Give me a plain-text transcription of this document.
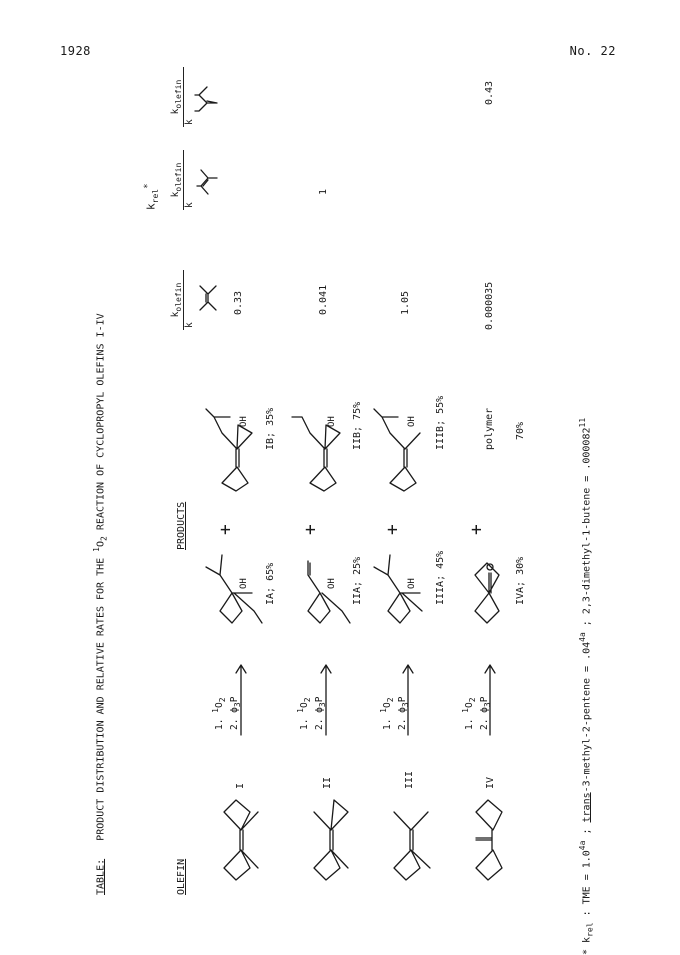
1928	No. 22
TABLE:   PRODUCT DISTRIBUTION AND RELATIVE RATES FOR THE $^1O_2$ REACTION OF CYCLOPROPYL OLEFINS I-IV
OLEFIN
PRODUCTS
$k_{rel}^*$
$k_{olefin}$
k
$k_{olefin}$
k
$k_{olefin}$
k
I
1. $^1O_2$
2. $\phi_3P$
OH IA; 65%
+
OH IB; 35%
0.33
II
1. $^1O_2$
2. $\phi_3P$
OH IIA; 25%
+
OH IIB; 75%
0.041
1
III
1. $^1O_2$
2. $\phi_3P$
OH IIIA; 45%
+
OH IIIB; 55%
1.05
IV
1. $^1O_2$
2. $\phi_3P$
IVA; 30%
+
polymer 70%
0.000035
0.43
* $k_{rel}$ : TME = $1.0^{4a}$ ; trans-3-methyl-2-pentene = $.04^{4a}$ ; 2,3-dimethyl-1-butene = $.000082^{11}$
